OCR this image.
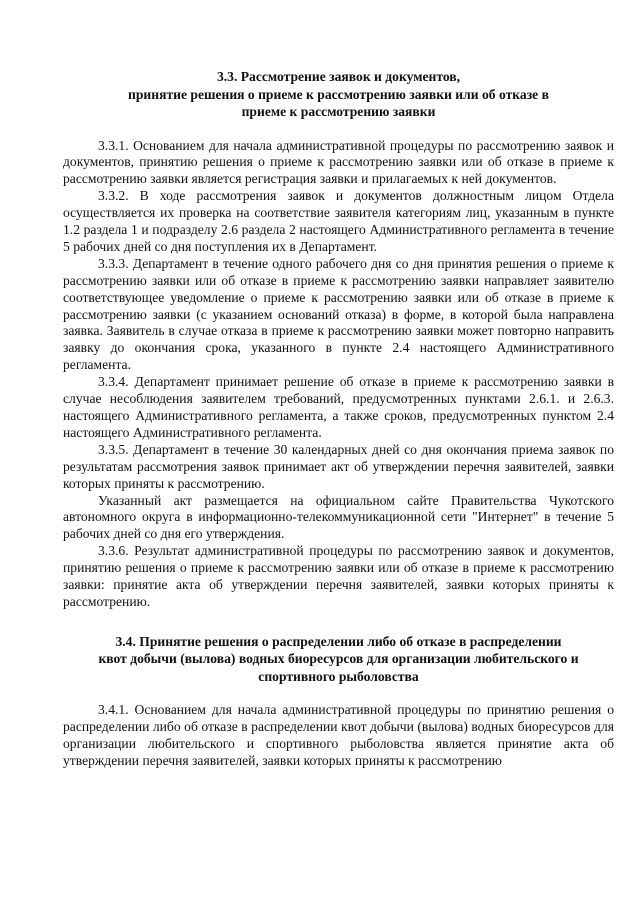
3.3. Рассмотрение заявок и документов,
принятие решения о приеме к рассмотрению заявки или об отказе в
приеме к рассмотрению заявки

3.3.1. Основанием для начала административной процедуры по рассмотрению заявок и документов, принятию решения о приеме к рассмотрению заявки или об отказе в приеме к рассмотрению заявки является регистрация заявки и прилагаемых к ней документов.

3.3.2. В ходе рассмотрения заявок и документов должностным лицом Отдела осуществляется их проверка на соответствие заявителя категориям лиц, указанным в пункте 1.2 раздела 1 и подразделу 2.6 раздела 2 настоящего Административного регламента в течение 5 рабочих дней со дня поступления их в Департамент.

3.3.3. Департамент в течение одного рабочего дня со дня принятия решения о приеме к рассмотрению заявки или об отказе в приеме к рассмотрению заявки направляет заявителю соответствующее уведомление о приеме к рассмотрению заявки или об отказе в приеме к рассмотрению заявки (с указанием оснований отказа) в форме, в которой была направлена заявка. Заявитель в случае отказа в приеме к рассмотрению заявки может повторно направить заявку до окончания срока, указанного в пункте 2.4 настоящего Административного регламента.

3.3.4. Департамент принимает решение об отказе в приеме к рассмотрению заявки в случае несоблюдения заявителем требований, предусмотренных пунктами 2.6.1. и 2.6.3. настоящего Административного регламента, а также сроков, предусмотренных пунктом 2.4 настоящего Административного регламента.

3.3.5. Департамент в течение 30 календарных дней со дня окончания приема заявок по результатам рассмотрения заявок принимает акт об утверждении перечня заявителей, заявки которых приняты к рассмотрению.

Указанный акт размещается на официальном сайте Правительства Чукотского автономного округа в информационно-телекоммуникационной сети "Интернет" в течение 5 рабочих дней со дня его утверждения.

3.3.6. Результат административной процедуры по рассмотрению заявок и документов, принятию решения о приеме к рассмотрению заявки или об отказе в приеме к рассмотрению заявки: принятие акта об утверждении перечня заявителей, заявки которых приняты к рассмотрению.

3.4. Принятие решения о распределении либо об отказе в распределении
квот добычи (вылова) водных биоресурсов для организации любительского и
спортивного рыболовства

3.4.1. Основанием для начала административной процедуры по принятию решения о распределении либо об отказе в распределении квот добычи (вылова) водных биоресурсов для организации любительского и спортивного рыболовства является принятие акта об утверждении перечня заявителей, заявки которых приняты к рассмотрению
